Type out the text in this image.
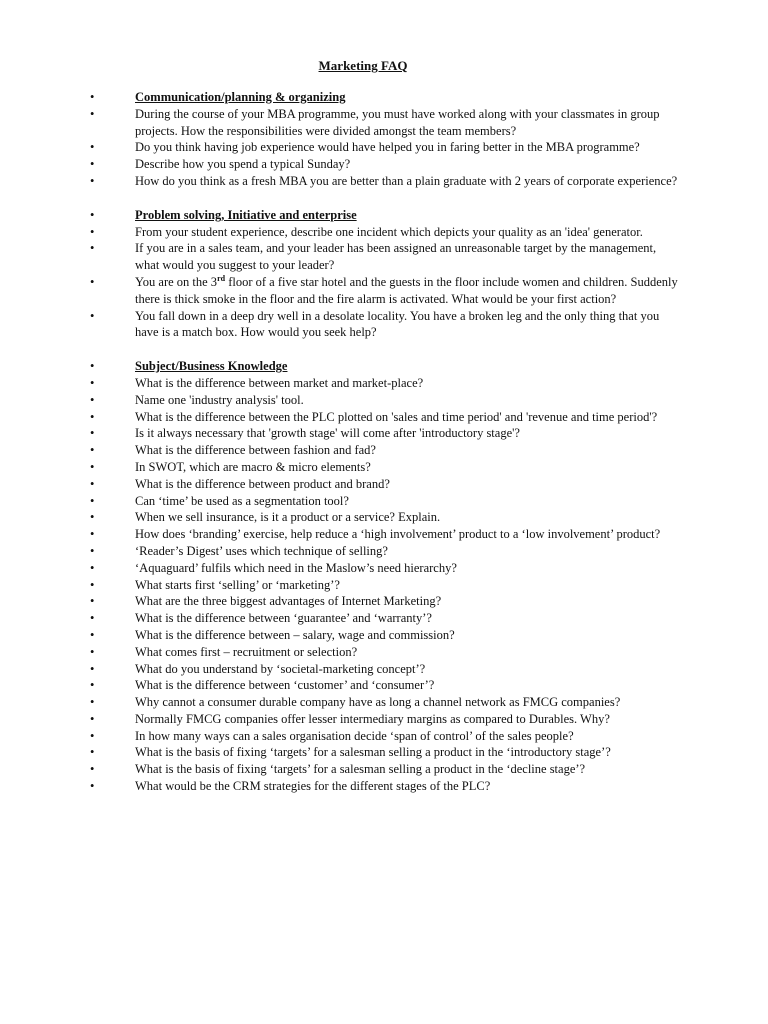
Marketing FAQ
•	Communication/planning & organizing
•	During the course of your MBA programme, you must have worked along with your classmates in group projects. How the responsibilities were divided amongst the team members?
•	Do you think having job experience would have helped you in faring better in the MBA programme?
•	Describe how you spend a typical Sunday?
•	How do you think as a fresh MBA you are better than a plain graduate with 2 years of corporate experience?
•	Problem solving, Initiative and enterprise
•	From your student experience, describe one incident which depicts your quality as an 'idea' generator.
•	If you are in a sales team, and your leader has been assigned an unreasonable target by the management, what would you suggest to your leader?
•	You are on the 3rd floor of a five star hotel and the guests in the floor include women and children. Suddenly there is thick smoke in the floor and the fire alarm is activated. What would be your first action?
•	You fall down in a deep dry well in a desolate locality. You have a broken leg and the only thing that you have is a match box. How would you seek help?
•	Subject/Business Knowledge
•	What is the difference between market and market-place?
•	Name one 'industry analysis' tool.
•	What is the difference between the PLC plotted on 'sales and time period' and 'revenue and time period'?
•	Is it always necessary that 'growth stage' will come after 'introductory stage'?
•	What is the difference between fashion and fad?
•	In SWOT, which are macro & micro elements?
•	What is the difference between product and brand?
•	Can ‘time’ be used as a segmentation tool?
•	When we sell insurance, is it a product or a service? Explain.
•	How does ‘branding’ exercise, help reduce a ‘high involvement’ product to a ‘low involvement’ product?
•	‘Reader’s Digest’ uses which technique of selling?
•	‘Aquaguard’ fulfils which need in the Maslow’s need hierarchy?
•	What starts first ‘selling’ or ‘marketing’?
•	What are the three biggest advantages of Internet Marketing?
•	What is the difference between ‘guarantee’ and ‘warranty’?
•	What is the difference between – salary, wage and commission?
•	What comes first – recruitment or selection?
•	What do you understand by ‘societal-marketing concept’?
•	What is the difference between ‘customer’ and ‘consumer’?
•	Why cannot a consumer durable company have as long a channel network as FMCG companies?
•	Normally FMCG companies offer lesser intermediary margins as compared to Durables. Why?
•	In how many ways can a sales organisation decide ‘span of control’ of the sales people?
•	What is the basis of fixing ‘targets’ for a salesman selling a product in the ‘introductory stage’?
•	What is the basis of fixing ‘targets’ for a salesman selling a product in the ‘decline stage’?
•	What would be the CRM strategies for the different stages of the PLC?
